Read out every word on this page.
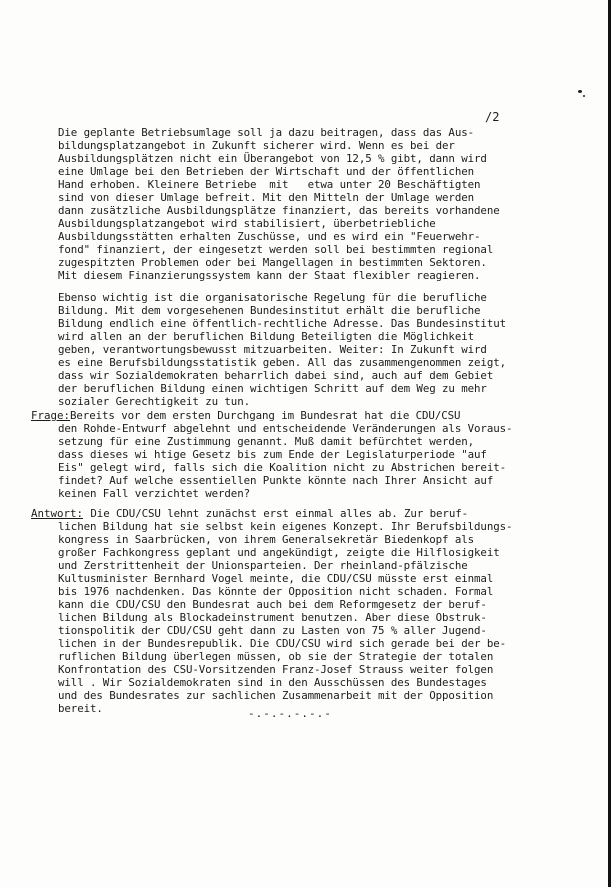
/2
Die geplante Betriebsumlage soll ja dazu beitragen, dass das Aus-
bildungsplatzangebot in Zukunft sicherer wird. Wenn es bei der
Ausbildungsplätzen nicht ein Überangebot von 12,5 % gibt, dann wird
eine Umlage bei den Betrieben der Wirtschaft und der öffentlichen
Hand erhoben. Kleinere Betriebe  mit   etwa unter 20 Beschäftigten
sind von dieser Umlage befreit. Mit den Mitteln der Umlage werden
dann zusätzliche Ausbildungsplätze finanziert, das bereits vorhandene
Ausbildungsplatzangebot wird stabilisiert, überbetriebliche
Ausbildungsstätten erhalten Zuschüsse, und es wird ein "Feuerwehr-
fond" finanziert, der eingesetzt werden soll bei bestimmten regional
zugespitzten Problemen oder bei Mangellagen in bestimmten Sektoren.
Mit diesem Finanzierungssystem kann der Staat flexibler reagieren.
Ebenso wichtig ist die organisatorische Regelung für die berufliche
Bildung. Mit dem vorgesehenen Bundesinstitut erhält die berufliche
Bildung endlich eine öffentlich-rechtliche Adresse. Das Bundesinstitut
wird allen an der beruflichen Bildung Beteiligten die Möglichkeit
geben, verantwortungsbewusst mitzuarbeiten. Weiter: In Zukunft wird
es eine Berufsbildungsstatistik geben. All das zusammengenommen zeigt,
dass wir Sozialdemokraten beharrlich dabei sind, auch auf dem Gebiet
der beruflichen Bildung einen wichtigen Schritt auf dem Weg zu mehr
sozialer Gerechtigkeit zu tun.
Frage: Bereits vor dem ersten Durchgang im Bundesrat hat die CDU/CSU
den Rohde-Entwurf abgelehnt und entscheidende Veränderungen als Voraus-
setzung für eine Zustimmung genannt. Muß damit befürchtet werden,
dass dieses wi htige Gesetz bis zum Ende der Legislaturperiode "auf
Eis" gelegt wird, falls sich die Koalition nicht zu Abstrichen bereit-
findet? Auf welche essentiellen Punkte könnte nach Ihrer Ansicht auf
keinen Fall verzichtet werden?
Antwort: Die CDU/CSU lehnt zunächst erst einmal alles ab. Zur beruf-
lichen Bildung hat sie selbst kein eigenes Konzept. Ihr Berufsbildungs-
kongress in Saarbrücken, von ihrem Generalsekretär Biedenkopf als
großer Fachkongress geplant und angekündigt, zeigte die Hilflosigkeit
und Zerstrittenheit der Unionsparteien. Der rheinland-pfälzische
Kultusminister Bernhard Vogel meinte, die CDU/CSU müsste erst einmal
bis 1976 nachdenken. Das könnte der Opposition nicht schaden. Formal
kann die CDU/CSU den Bundesrat auch bei dem Reformgesetz der beruf-
lichen Bildung als Blockadeinstrument benutzen. Aber diese Obstruk-
tionspolitik der CDU/CSU geht dann zu Lasten von 75 % aller Jugend-
lichen in der Bundesrepublik. Die CDU/CSU wird sich gerade bei der be-
ruflichen Bildung überlegen müssen, ob sie der Strategie der totalen
Konfrontation des CSU-Vorsitzenden Franz-Josef Strauss weiter folgen
will . Wir Sozialdemokraten sind in den Ausschüssen des Bundestages
und des Bundesrates zur sachlichen Zusammenarbeit mit der Opposition
bereit.	-.-.-.-.-.-
